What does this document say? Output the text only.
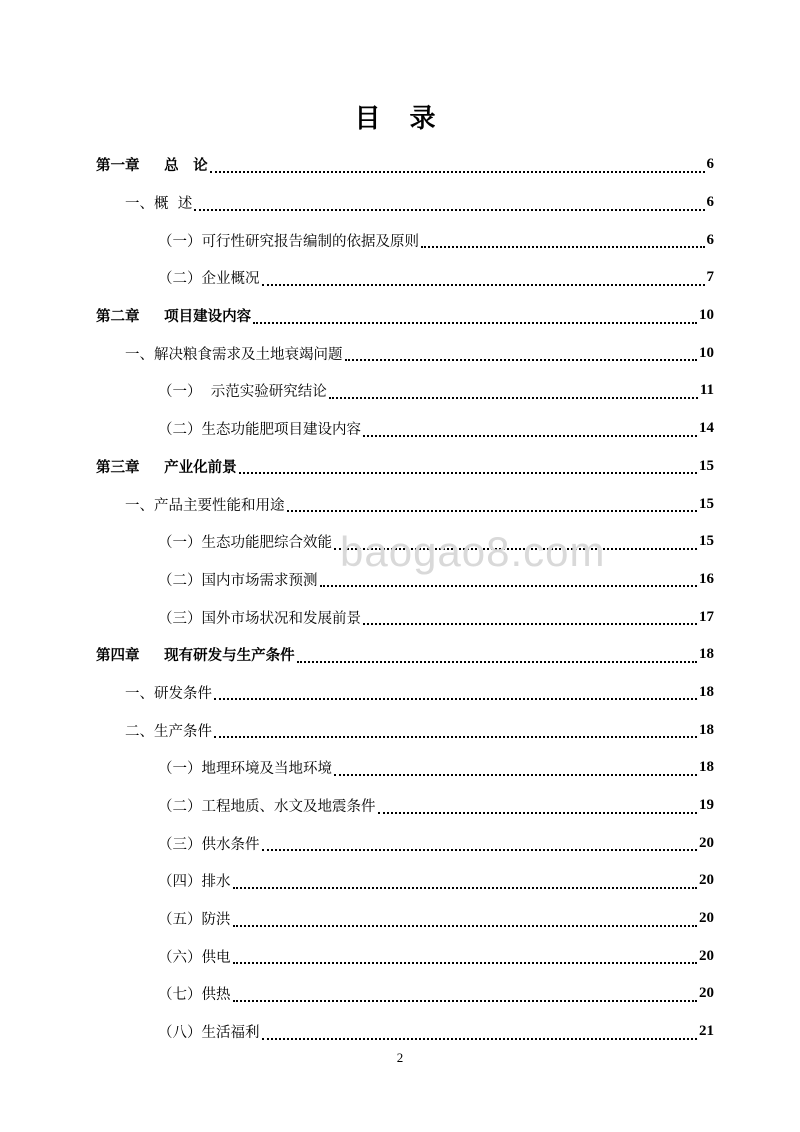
目 录
第一章　  总　论	6
一、概  述	6
（一）可行性研究报告编制的依据及原则	6
（二）企业概况	7
第二章　  项目建设内容	10
一、解决粮食需求及土地衰竭问题	10
（一）  示范实验研究结论	11
（二）生态功能肥项目建设内容	14
第三章　  产业化前景	15
一、产品主要性能和用途	15
（一）生态功能肥综合效能	15
（二）国内市场需求预测	16
（三）国外市场状况和发展前景	17
第四章　  现有研发与生产条件	18
一、研发条件	18
二、生产条件	18
（一）地理环境及当地环境	18
（二）工程地质、水文及地震条件	19
（三）供水条件	20
（四）排水	20
（五）防洪	20
（六）供电	20
（七）供热	20
（八）生活福利	21
baogao8.com
2
